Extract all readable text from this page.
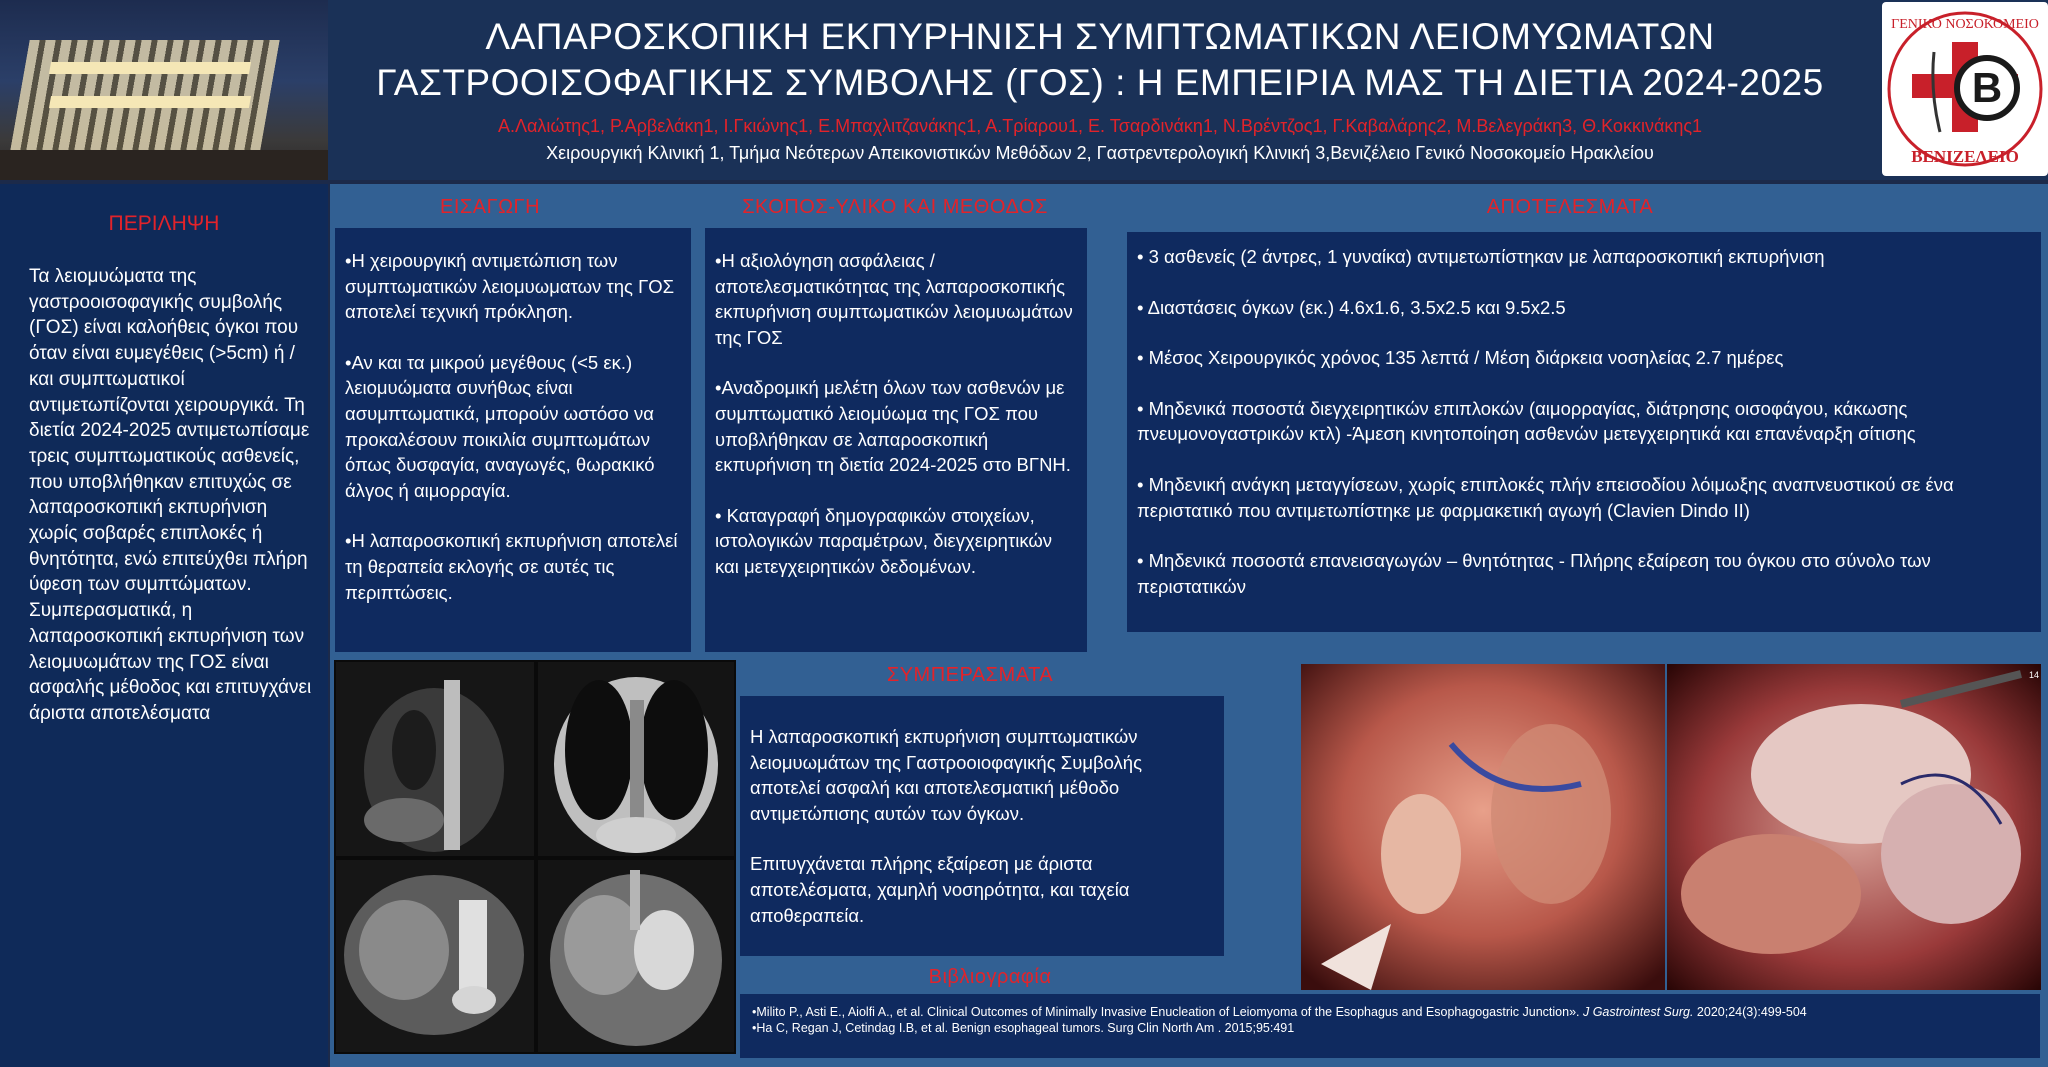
ΛΑΠΑΡΟΣΚΟΠΙΚΗ ΕΚΠΥΡΗΝΙΣΗ ΣΥΜΠΤΩΜΑΤΙΚΩΝ ΛΕΙΟΜΥΩΜΑΤΩΝ
ΓΑΣΤΡΟΟΙΣΟΦΑΓΙΚΗΣ ΣΥΜΒΟΛΗΣ (ΓΟΣ) : Η ΕΜΠΕΙΡΙΑ ΜΑΣ ΤΗ ΔΙΕΤΙΑ 2024-2025
Α.Λαλιώτης1, Ρ.Αρβελάκη1, Ι.Γκιώνης1, Ε.Μπαχλιτζανάκης1, Α.Τρίαρου1, Ε. Τσαρδινάκη1, Ν.Βρέντζος1, Γ.Καβαλάρης2, Μ.Βελεγράκη3, Θ.Κοκκινάκης1
Χειρουργική Κλινική 1, Τμήμα Νεότερων Απεικονιστικών Μεθόδων 2, Γαστρεντερολογική Κλινική 3,Βενιζέλειο Γενικό Νοσοκομείο Ηρακλείου
B
ΓΕΝΙΚΟ ΝΟΣΟΚΟΜΕΙΟ
ΒΕΝΙΖΕΛΕΙΟ
ΠΕΡΙΛΗΨΗ
Τα λειομυώματα της γαστροοισοφαγικής συμβολής (ΓΟΣ) είναι καλοήθεις όγκοι που όταν είναι ευμεγέθεις (>5cm) ή / και συμπτωματικοί αντιμετωπίζονται χειρουργικά. Τη διετία 2024-2025 αντιμετωπίσαμε τρεις συμπτωματικούς ασθενείς, που υποβλήθηκαν επιτυχώς σε λαπαροσκοπική εκπυρήνιση χωρίς σοβαρές επιπλοκές ή θνητότητα, ενώ επιτεύχθει πλήρη ύφεση των συμπτώματων. Συμπερασματικά, η λαπαροσκοπική εκπυρήνιση των λειομυωμάτων της ΓΟΣ είναι ασφαλής μέθοδος και επιτυγχάνει άριστα αποτελέσματα
ΕΙΣΑΓΩΓΗ

•Η χειρουργική αντιμετώπιση των συμπτωματικών λειομυωματων της ΓΟΣ αποτελεί τεχνική πρόκληση.

•Αν και τα μικρού μεγέθους (<5 εκ.) λειομυώματα συνήθως είναι ασυμπτωματικά, μπορούν ωστόσο να προκαλέσουν ποικιλία συμπτωμάτων όπως δυσφαγία, αναγωγές, θωρακικό άλγος ή αιμορραγία.

•Η λαπαροσκοπική εκπυρήνιση αποτελεί τη θεραπεία εκλογής σε αυτές τις περιπτώσεις.

ΣΚΟΠΟΣ-ΥΛΙΚΟ ΚΑΙ ΜΕΘΟΔΟΣ

•Η αξιολόγηση ασφάλειας / αποτελεσματικότητας της λαπαροσκοπικής εκπυρήνιση συμπτωματικών λειομυωμάτων της ΓΟΣ

•Αναδρομική μελέτη όλων των ασθενών με συμπτωματικό λειομύωμα της ΓΟΣ που υποβλήθηκαν σε λαπαροσκοπική εκπυρήνιση τη διετία 2024-2025 στο ΒΓΝΗ.

• Καταγραφή δημογραφικών στοιχείων, ιστολογικών παραμέτρων, διεγχειρητικών και μετεγχειρητικών δεδομένων.

ΑΠΟΤΕΛΕΣΜΑΤΑ

• 3 ασθενείς (2 άντρες, 1 γυναίκα) αντιμετωπίστηκαν με λαπαροσκοπική εκπυρήνιση

• Διαστάσεις όγκων (εκ.) 4.6x1.6, 3.5x2.5 και 9.5x2.5

• Μέσος Χειρουργικός χρόνος 135 λεπτά / Μέση διάρκεια νοσηλείας 2.7 ημέρες

• Μηδενικά ποσοστά διεγχειρητικών επιπλοκών (αιμορραγίας, διάτρησης οισοφάγου, κάκωσης πνευμονογαστρικών κτλ) -Άμεση κινητοποίηση ασθενών μετεγχειρητικά και επανέναρξη σίτισης

• Μηδενική ανάγκη μεταγγίσεων, χωρίς επιπλοκές πλήν επεισοδίου λόιμωξης αναπνευστικού σε ένα περιστατικό που αντιμετωπίστηκε με φαρμακετική αγωγή (Clavien Dindo II)

• Μηδενικά ποσοστά επανεισαγωγών – θνητότητας - Πλήρης εξαίρεση του όγκου στο σύνολο των περιστατικών

ΣΥΜΠΕΡΑΣΜΑΤΑ

Η λαπαροσκοπική εκπυρήνιση συμπτωματικών λειομυωμάτων της Γαστροοιοφαγικής Συμβολής αποτελεί ασφαλή και αποτελεσματική μέθοδο αντιμετώπισης αυτών των όγκων.

Επιτυγχάνεται πλήρης εξαίρεση με άριστα αποτελέσματα, χαμηλή νοσηρότητα, και ταχεία αποθεραπεία.

14
Βιβλιογραφία
•Milito P., Asti E., Aiolfi A., et al. Clinical Outcomes of Minimally Invasive Enucleation of Leiomyoma of the Esophagus and Esophagogastric Junction». J Gastrointest Surg. 2020;24(3):499-504
•Ha C, Regan J, Cetindag I.B, et al. Benign esophageal tumors. Surg Clin North Am . 2015;95:491
